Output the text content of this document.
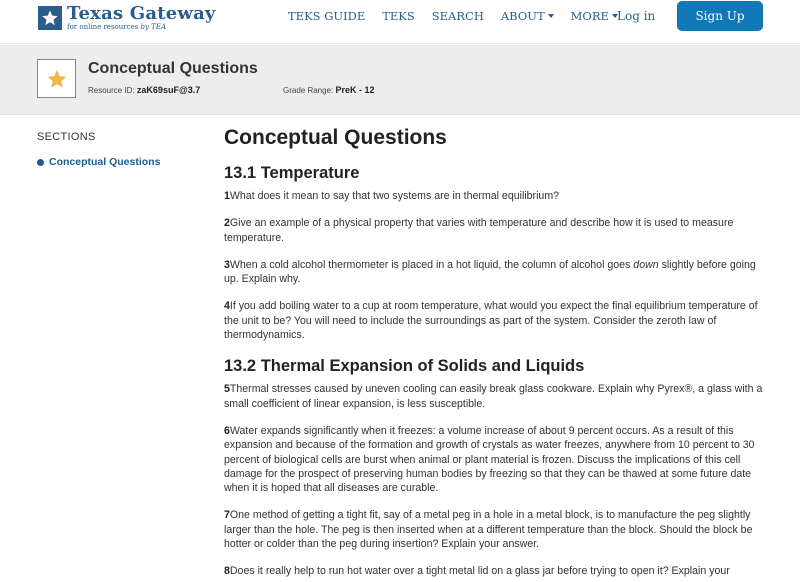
Texas Gateway
for online resources by TEA
TEKS GUIDE TEKS SEARCH ABOUT MORE Log in	Sign Up
Conceptual Questions
Resource ID: zaK69suF@3.7	Grade Range: PreK - 12
SECTIONS
Conceptual Questions
Conceptual Questions
13.1 Temperature

1What does it mean to say that two systems are in thermal equilibrium?

2Give an example of a physical property that varies with temperature and describe how it is used to measure temperature.

3When a cold alcohol thermometer is placed in a hot liquid, the column of alcohol goes down slightly before going up. Explain why.

4If you add boiling water to a cup at room temperature, what would you expect the final equilibrium temperature of the unit to be? You will need to include the surroundings as part of the system. Consider the zeroth law of thermodynamics.

13.2 Thermal Expansion of Solids and Liquids

5Thermal stresses caused by uneven cooling can easily break glass cookware. Explain why Pyrex®, a glass with a small coefficient of linear expansion, is less susceptible.

6Water expands significantly when it freezes: a volume increase of about 9 percent occurs. As a result of this expansion and because of the formation and growth of crystals as water freezes, anywhere from 10 percent to 30 percent of biological cells are burst when animal or plant material is frozen. Discuss the implications of this cell damage for the prospect of preserving human bodies by freezing so that they can be thawed at some future date when it is hoped that all diseases are curable.

7One method of getting a tight fit, say of a metal peg in a hole in a metal block, is to manufacture the peg slightly larger than the hole. The peg is then inserted when at a different temperature than the block. Should the block be hotter or colder than the peg during insertion? Explain your answer.

8Does it really help to run hot water over a tight metal lid on a glass jar before trying to open it? Explain your
